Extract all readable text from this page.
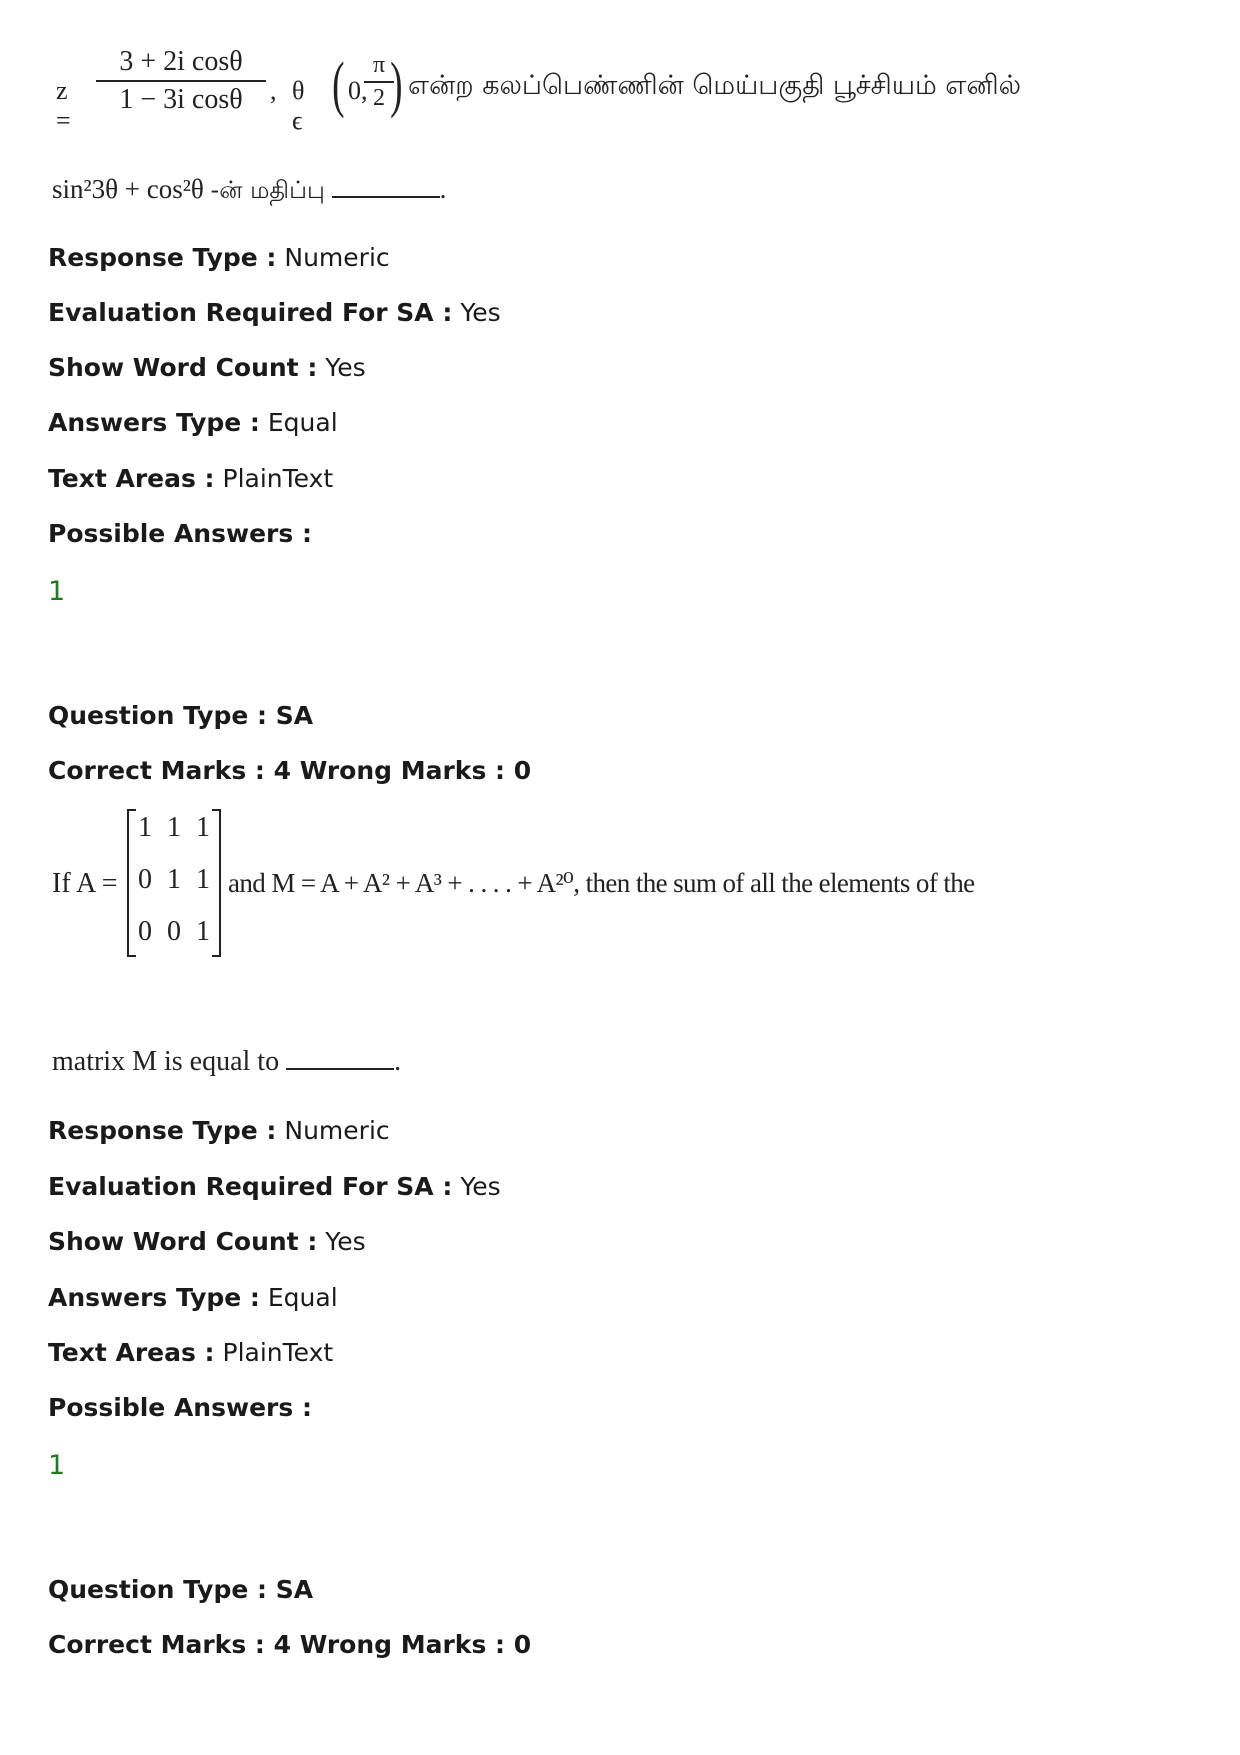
z =
$\frac{\text{3 + 2i cosθ}}{\text{1 − 3i cosθ}}$ , θ ϵ
( 0,
$\frac{\pi}{2}$
) என்ற கலப்பெண்ணின் மெய்பகுதி பூச்சியம் எனில்
sin²3θ + cos²θ -ன் மதிப்பு	.
Response Type : Numeric
Evaluation Required For SA : Yes
Show Word Count : Yes
Answers Type : Equal
Text Areas : PlainText
Possible Answers :
1
Question Type : SA
Correct Marks : 4 Wrong Marks : 0
If A =
1 1 1
0 1 1
0 0 1
and M = A + A² + A³ + . . . . + A²⁰, then the sum of all the elements of the
matrix M is equal to	.
Response Type : Numeric
Evaluation Required For SA : Yes
Show Word Count : Yes
Answers Type : Equal
Text Areas : PlainText
Possible Answers :
1
Question Type : SA
Correct Marks : 4 Wrong Marks : 0
